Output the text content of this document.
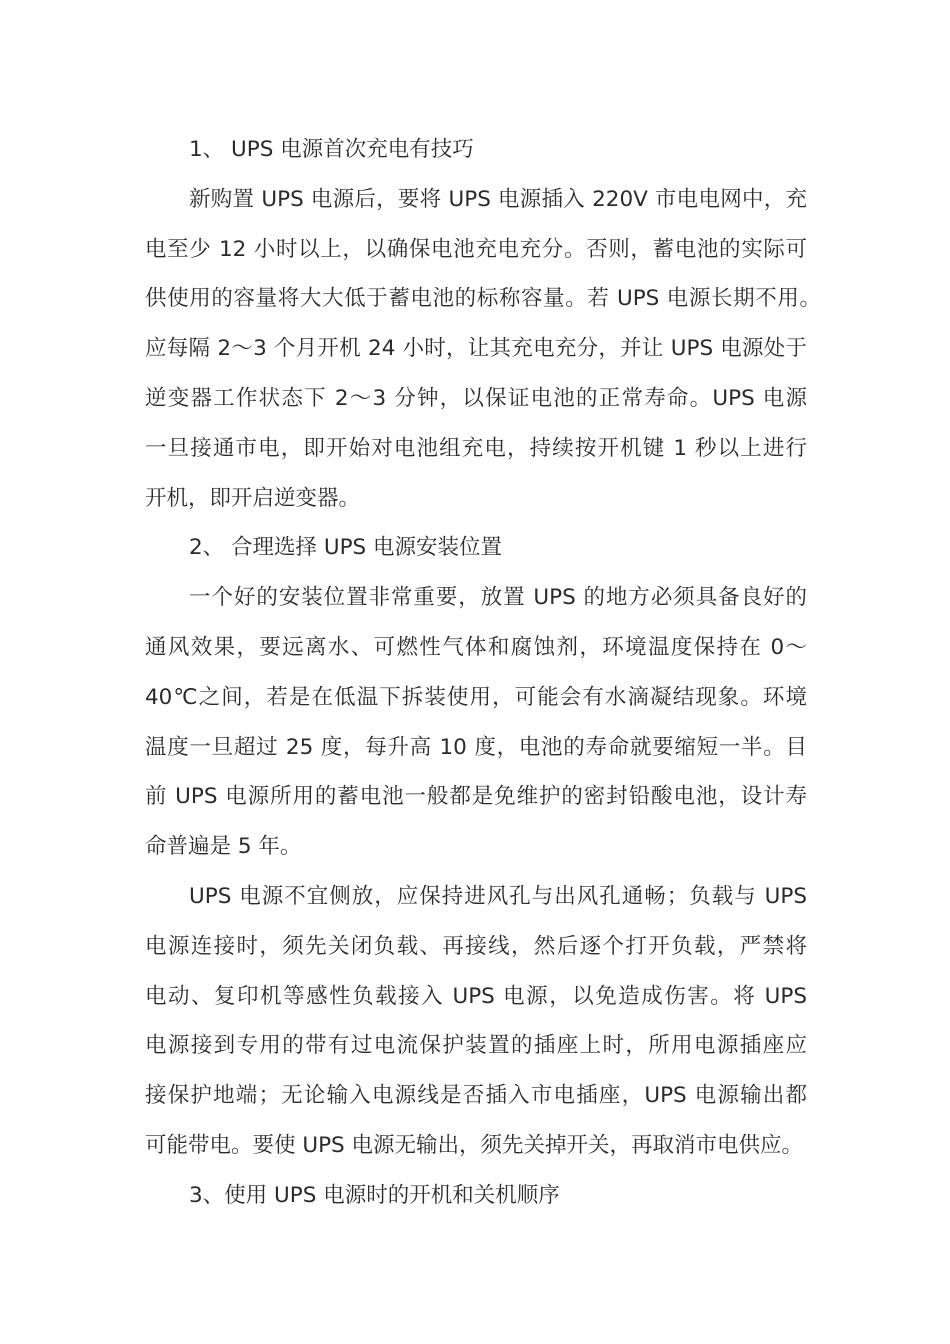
1、 UPS 电源首次充电有技巧
新购置 UPS 电源后，要将 UPS 电源插入 220V 市电电网中，充
电至少 12 小时以上，以确保电池充电充分。否则，蓄电池的实际可
供使用的容量将大大低于蓄电池的标称容量。若 UPS 电源长期不用。
应每隔 2～3 个月开机 24 小时，让其充电充分，并让 UPS 电源处于
逆变器工作状态下 2～3 分钟，以保证电池的正常寿命。UPS 电源
一旦接通市电，即开始对电池组充电，持续按开机键 1 秒以上进行
开机，即开启逆变器。
2、 合理选择 UPS 电源安装位置
一个好的安装位置非常重要，放置 UPS 的地方必须具备良好的
通风效果，要远离水、可燃性气体和腐蚀剂，环境温度保持在 0～
40℃之间，若是在低温下拆装使用，可能会有水滴凝结现象。环境
温度一旦超过 25 度，每升高 10 度，电池的寿命就要缩短一半。目
前 UPS 电源所用的蓄电池一般都是免维护的密封铅酸电池，设计寿
命普遍是 5 年。
UPS 电源不宜侧放，应保持进风孔与出风孔通畅；负载与 UPS
电源连接时，须先关闭负载、再接线，然后逐个打开负载，严禁将
电动、复印机等感性负载接入 UPS 电源，以免造成伤害。将 UPS
电源接到专用的带有过电流保护装置的插座上时，所用电源插座应
接保护地端；无论输入电源线是否插入市电插座，UPS 电源输出都
可能带电。要使 UPS 电源无输出，须先关掉开关，再取消市电供应。
3、使用 UPS 电源时的开机和关机顺序
